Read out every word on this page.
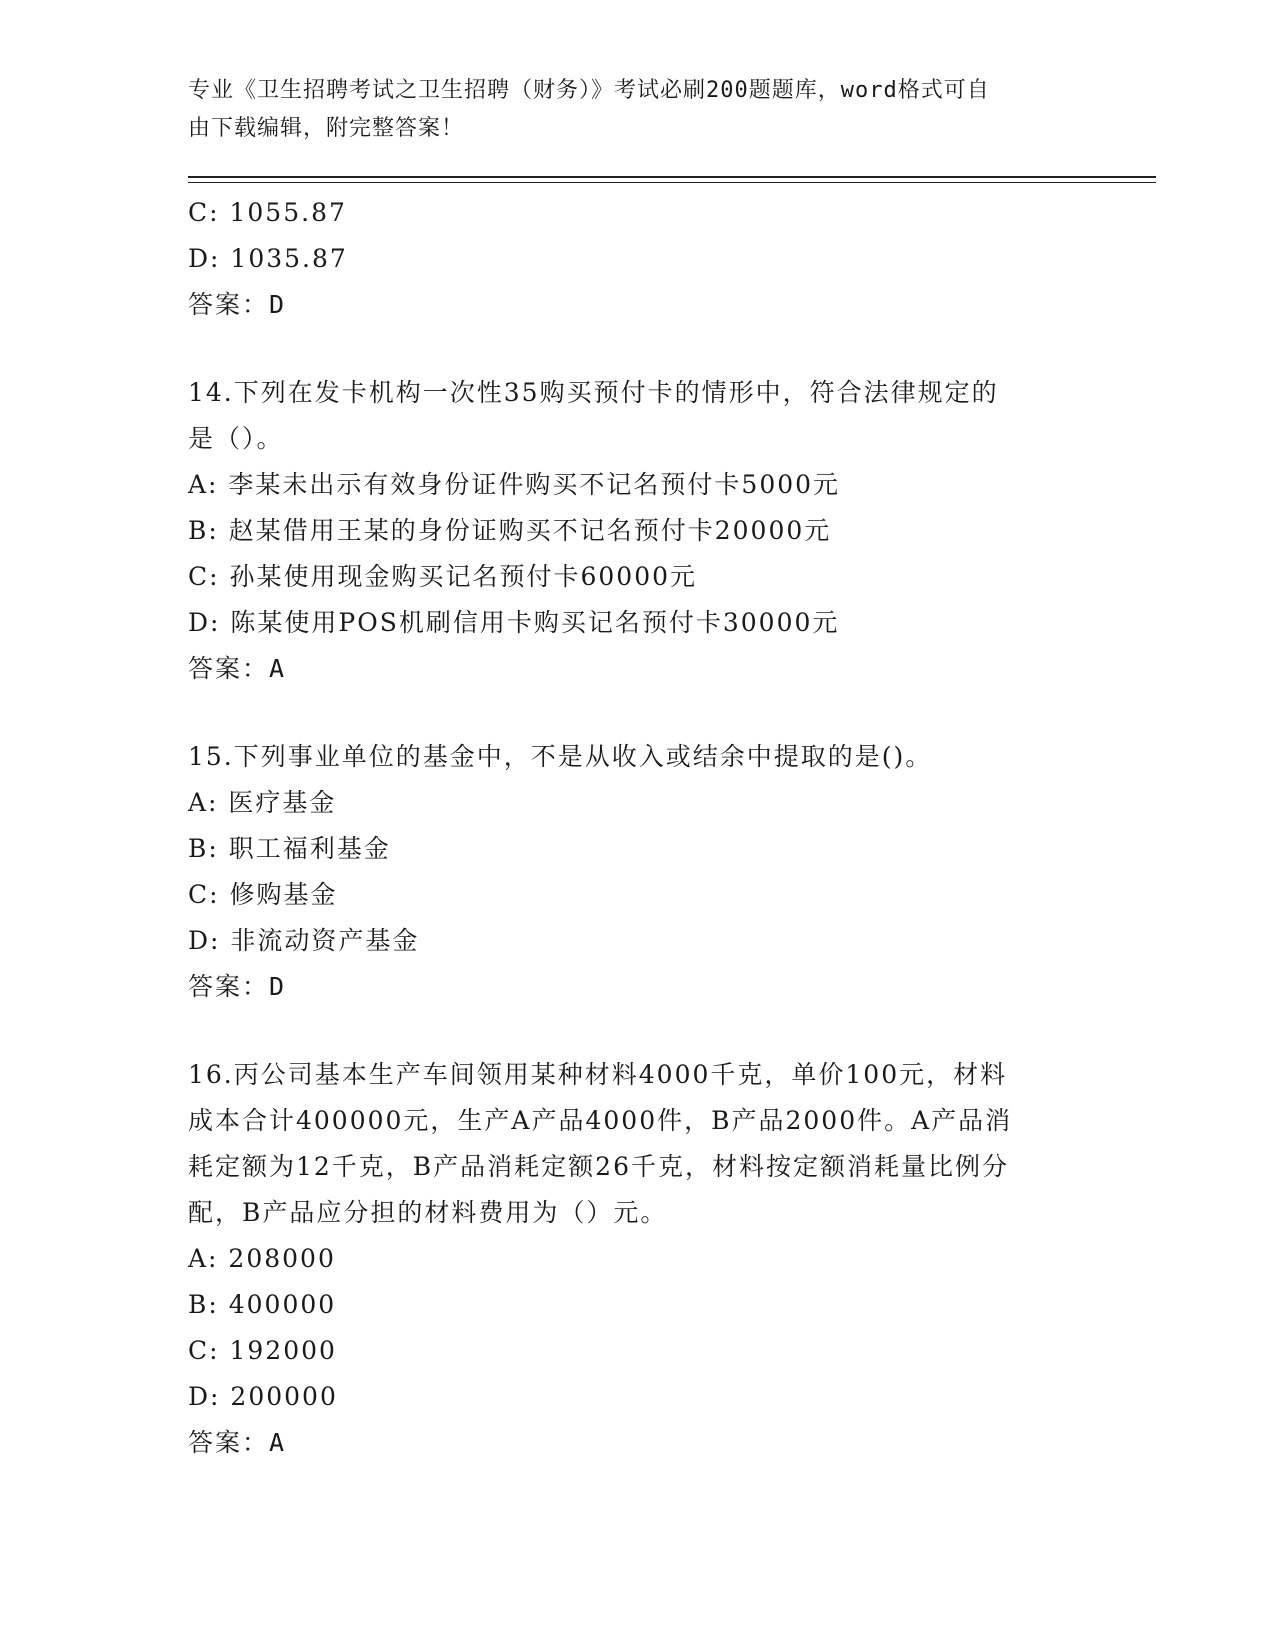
专业《卫生招聘考试之卫生招聘（财务）》考试必刷200题题库，word格式可自
由下载编辑，附完整答案！
C: 1055.87
D: 1035.87
答案：D
14.下列在发卡机构一次性35购买预付卡的情形中，符合法律规定的
是（）。
A: 李某未出示有效身份证件购买不记名预付卡5000元
B: 赵某借用王某的身份证购买不记名预付卡20000元
C: 孙某使用现金购买记名预付卡60000元
D: 陈某使用POS机刷信用卡购买记名预付卡30000元
答案：A
15.下列事业单位的基金中，不是从收入或结余中提取的是()。
A: 医疗基金
B: 职工福利基金
C: 修购基金
D: 非流动资产基金
答案：D
16.丙公司基本生产车间领用某种材料4000千克，单价100元，材料
成本合计400000元，生产A产品4000件，B产品2000件。A产品消
耗定额为12千克，B产品消耗定额26千克，材料按定额消耗量比例分
配，B产品应分担的材料费用为（）元。
A: 208000
B: 400000
C: 192000
D: 200000
答案：A
